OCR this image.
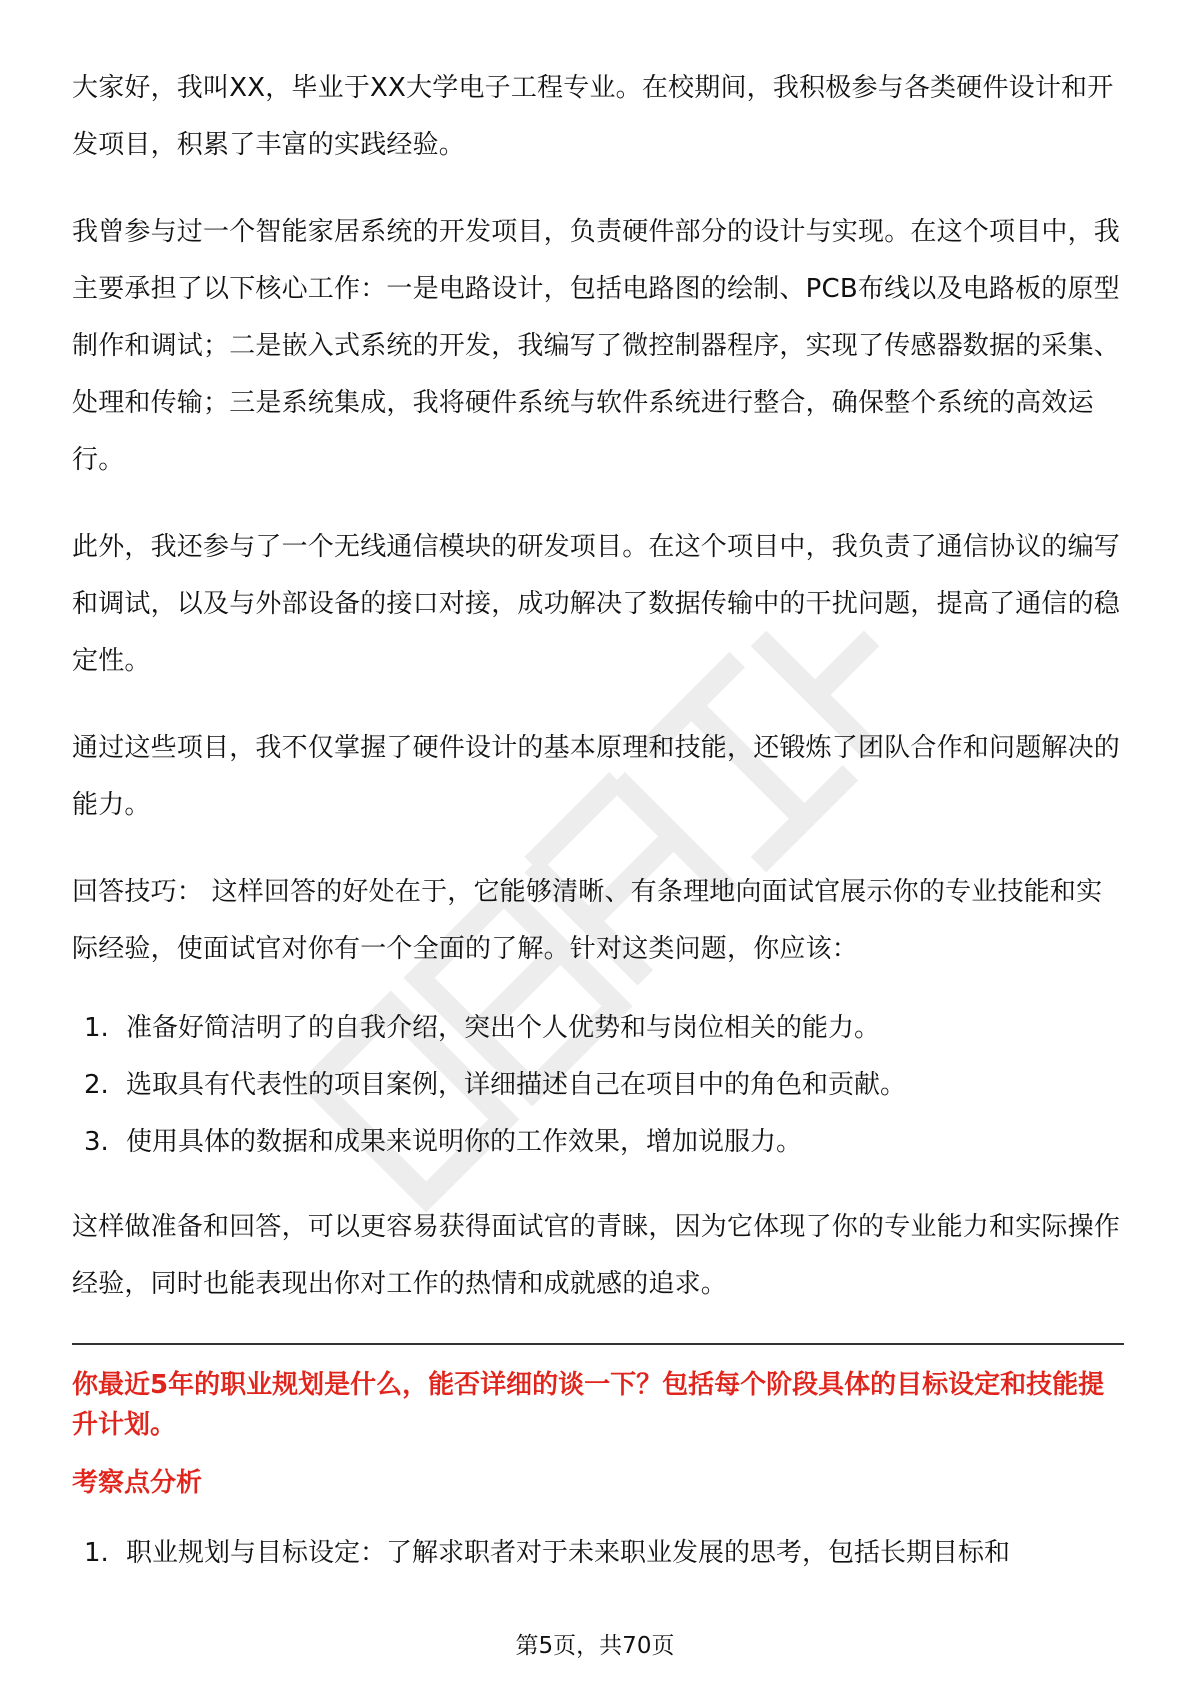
大家好，我叫XX，毕业于XX大学电子工程专业。在校期间，我积极参与各类硬件设计和开发项目，积累了丰富的实践经验。

我曾参与过一个智能家居系统的开发项目，负责硬件部分的设计与实现。在这个项目中，我主要承担了以下核心工作：一是电路设计，包括电路图的绘制、PCB布线以及电路板的原型制作和调试；二是嵌入式系统的开发，我编写了微控制器程序，实现了传感器数据的采集、处理和传输；三是系统集成，我将硬件系统与软件系统进行整合，确保整个系统的高效运行。

此外，我还参与了一个无线通信模块的研发项目。在这个项目中，我负责了通信协议的编写和调试，以及与外部设备的接口对接，成功解决了数据传输中的干扰问题，提高了通信的稳定性。

通过这些项目，我不仅掌握了硬件设计的基本原理和技能，还锻炼了团队合作和问题解决的能力。

回答技巧： 这样回答的好处在于，它能够清晰、有条理地向面试官展示你的专业技能和实际经验，使面试官对你有一个全面的了解。针对这类问题，你应该：

1. 准备好简洁明了的自我介绍，突出个人优势和与岗位相关的能力。
2. 选取具有代表性的项目案例，详细描述自己在项目中的角色和贡献。
3. 使用具体的数据和成果来说明你的工作效果，增加说服力。

这样做准备和回答，可以更容易获得面试官的青睐，因为它体现了你的专业能力和实际操作经验，同时也能表现出你对工作的热情和成就感的追求。

你最近5年的职业规划是什么，能否详细的谈一下？包括每个阶段具体的目标设定和技能提升计划。

考察点分析

1. 职业规划与目标设定：了解求职者对于未来职业发展的思考，包括长期目标和
第5页，共70页
